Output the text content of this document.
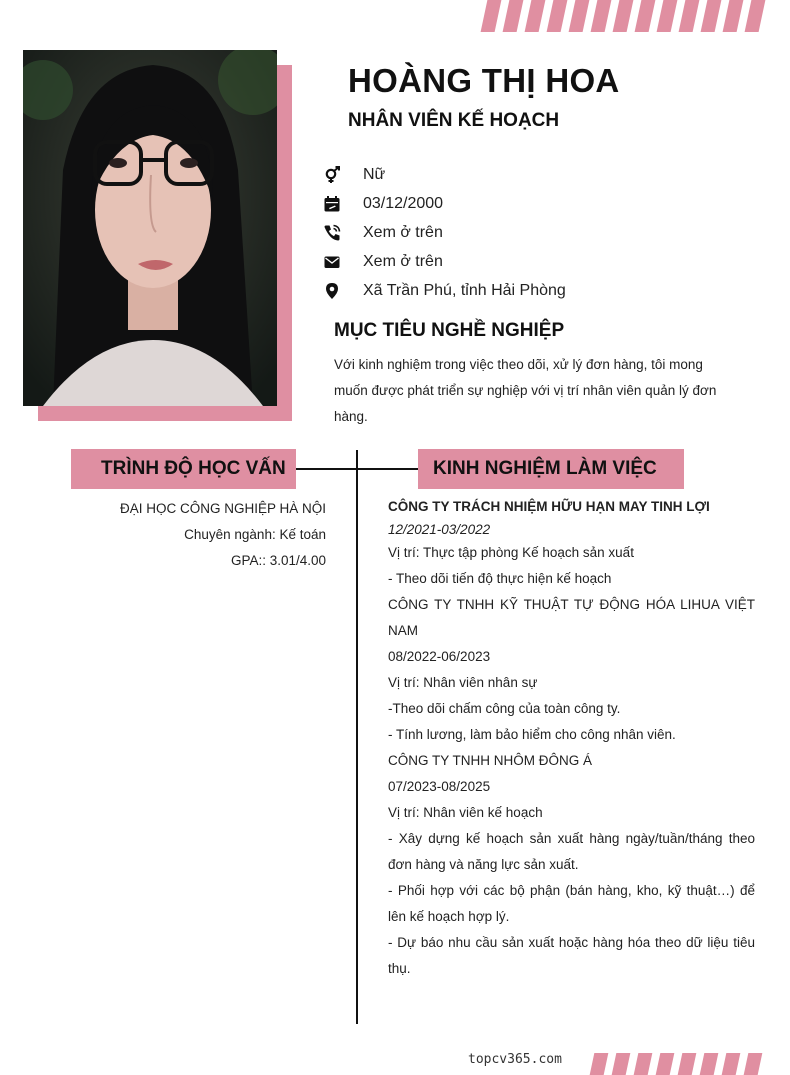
HOÀNG THỊ HOA
NHÂN VIÊN KẾ HOẠCH
Nữ
03/12/2000
Xem ở trên
Xem ở trên
Xã Trần Phú, tỉnh Hải Phòng
MỤC TIÊU NGHỀ NGHIỆP
Với kinh nghiệm trong việc theo dõi, xử lý đơn hàng, tôi mong muốn được phát triển sự nghiệp với vị trí nhân viên quản lý đơn hàng.
TRÌNH ĐỘ HỌC VẤN
ĐẠI HỌC CÔNG NGHIỆP HÀ NỘI
Chuyên ngành: Kế toán
GPA:: 3.01/4.00
KINH NGHIỆM LÀM VIỆC
CÔNG TY TRÁCH NHIỆM HỮU HẠN MAY TINH LỢI
12/2021-03/2022
Vị trí: Thực tập phòng Kế hoạch sản xuất
- Theo dõi tiến độ thực hiện kế hoạch
CÔNG TY TNHH KỸ THUẬT TỰ ĐỘNG HÓA LIHUA VIỆT NAM
08/2022-06/2023
Vị trí: Nhân viên nhân sự
-Theo dõi chấm công của toàn công ty.
- Tính lương, làm bảo hiểm cho công nhân viên.
CÔNG TY TNHH NHÔM ĐÔNG Á
07/2023-08/2025
Vị trí: Nhân viên kế hoạch
- Xây dựng kế hoạch sản xuất hàng ngày/tuần/tháng theo đơn hàng và năng lực sản xuất.
- Phối hợp với các bộ phận (bán hàng, kho, kỹ thuật…) để lên kế hoạch hợp lý.
- Dự báo nhu cầu sản xuất hoặc hàng hóa theo dữ liệu tiêu thụ.
topcv365.com
